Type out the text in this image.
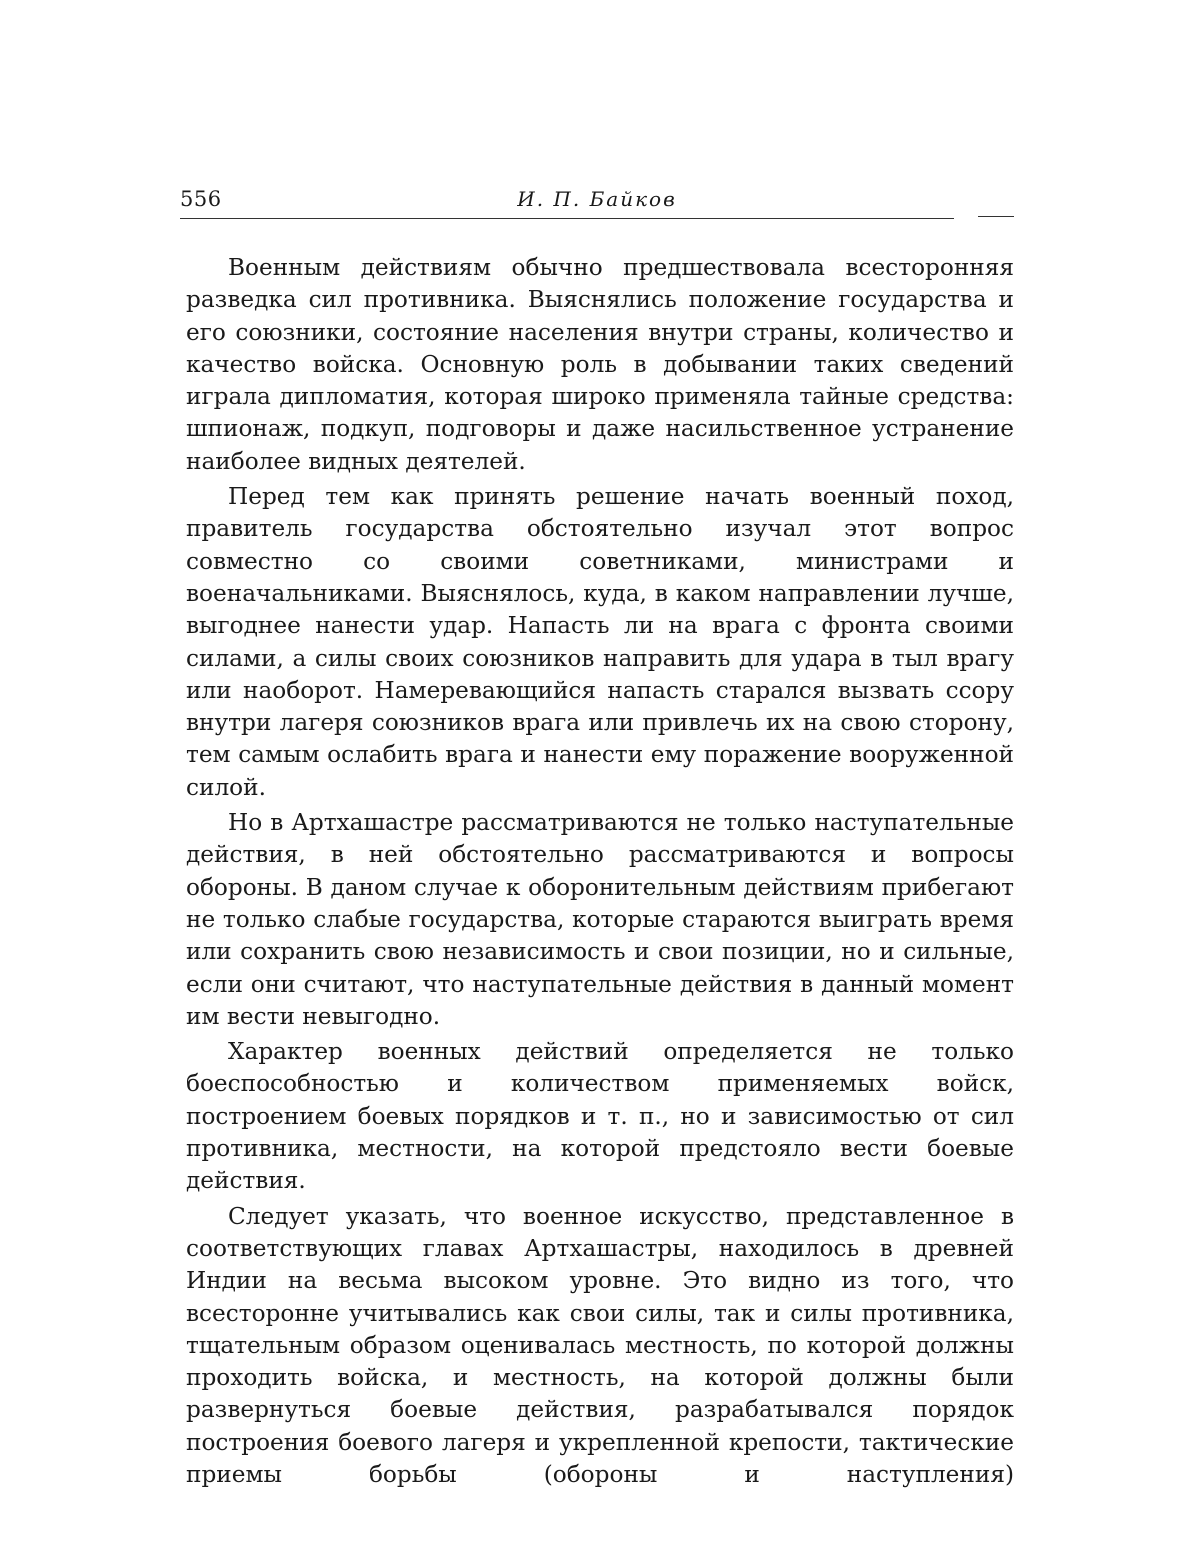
556	И. П. Байков

Военным действиям обычно предшествовала всесторонняя разведка сил противника. Выяснялись положение государства и его союзники, состояние населения внутри страны, количество и качество войска. Основную роль в добывании таких сведений играла дипломатия, которая широко применяла тайные средства: шпионаж, подкуп, подговоры и даже насильственное устранение наиболее видных деятелей.

Перед тем как принять решение начать военный поход, правитель государства обстоятельно изучал этот вопрос совместно со своими советниками, министрами и военачальниками. Выяснялось, куда, в каком направлении лучше, выгоднее нанести удар. Напасть ли на врага с фронта своими силами, а силы своих союзников направить для удара в тыл врагу или наоборот. Намеревающийся напасть старался вызвать ссору внутри лагеря союзников врага или привлечь их на свою сторону, тем самым ослабить врага и нанести ему поражение вооруженной силой.

Но в Артхашастре рассматриваются не только наступательные действия, в ней обстоятельно рассматриваются и вопросы обороны. В даном случае к оборонительным действиям прибегают не только слабые государства, которые стараются выиграть время или сохранить свою независимость и свои позиции, но и сильные, если они считают, что наступательные действия в данный момент им вести невыгодно.

Характер военных действий определяется не только боеспособностью и количеством применяемых войск, построением боевых порядков и т. п., но и зависимостью от сил противника, местности, на которой предстояло вести боевые действия.

Следует указать, что военное искусство, представленное в соответствующих главах Артхашастры, находилось в древней Индии на весьма высоком уровне. Это видно из того, что всесторонне учитывались как свои силы, так и силы противника, тщательным образом оценивалась местность, по которой должны проходить войска, и местность, на которой должны были развернуться боевые действия, разрабатывался порядок построения боевого лагеря и укрепленной крепости, тактические приемы борьбы (обороны и наступления)
